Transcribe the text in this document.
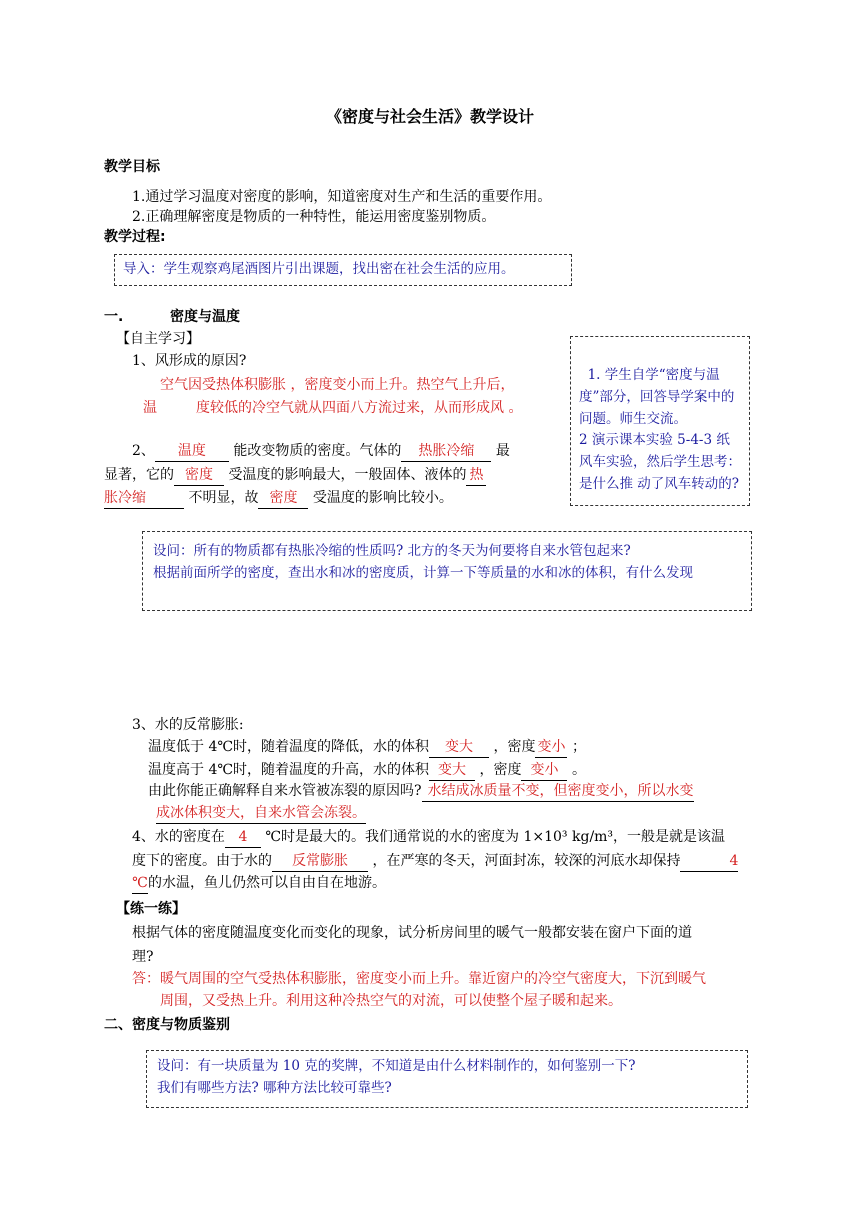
《密度与社会生活》教学设计
教学目标
1.通过学习温度对密度的影响，知道密度对生产和生活的重要作用。
2.正确理解密度是物质的一种特性，能运用密度鉴别物质。
教学过程:
导入：学生观察鸡尾酒图片引出课题，找出密在社会生活的应用。
一.	密度与温度
【自主学习】
1、风形成的原因?
空气因受热体积膨胀 ，密度变小而上升。热空气上升后，
温	度较低的冷空气就从四面八方流过来，从而形成风 。
2、 温度 能改变物质的密度。气体的 热胀冷缩 最
显著，它的 密度 受温度的影响最大，一般固体、液体的 热
胀冷缩	不明显，故 密度 受温度的影响比较小。

1. 学生自学“密度与温度”部分，回答导学案中的问题。师生交流。
2 演示课本实验 5-4-3 纸风车实验，然后学生思考：是什么推 动了风车转动的?

设问：所有的物质都有热胀冷缩的性质吗? 北方的冬天为何要将自来水管包起来?

根据前面所学的密度，查出水和冰的密度质，计算一下等质量的水和冰的体积，有什么发现

3、水的反常膨胀:
温度低于 4℃时，随着温度的降低，水的体积 变大 ，密度 变小 ；
温度高于 4℃时，随着温度的升高，水的体积 变大 ，密度 变小 。
由此你能正确解释自来水管被冻裂的原因吗? 水结成冰质量不变，但密度变小，所以水变
成冰体积变大，自来水管会冻裂。
4、水的密度在 4 ℃时是最大的。我们通常说的水的密度为 1×10³ kg/m³，一般是就是该温
度下的密度。由于水的 反常膨胀 ，在严寒的冬天，河面封冻，较深的河底水却保持	4
℃的水温，鱼儿仍然可以自由自在地游。
【练一练】
根据气体的密度随温度变化而变化的现象，试分析房间里的暖气一般都安装在窗户下面的道
理?
答：暖气周围的空气受热体积膨胀，密度变小而上升。靠近窗户的冷空气密度大，下沉到暖气
周围，又受热上升。利用这种冷热空气的对流，可以使整个屋子暖和起来。
二、密度与物质鉴别

设问：有一块质量为 10 克的奖牌，不知道是由什么材料制作的，如何鉴别一下?

我们有哪些方法? 哪种方法比较可靠些?
